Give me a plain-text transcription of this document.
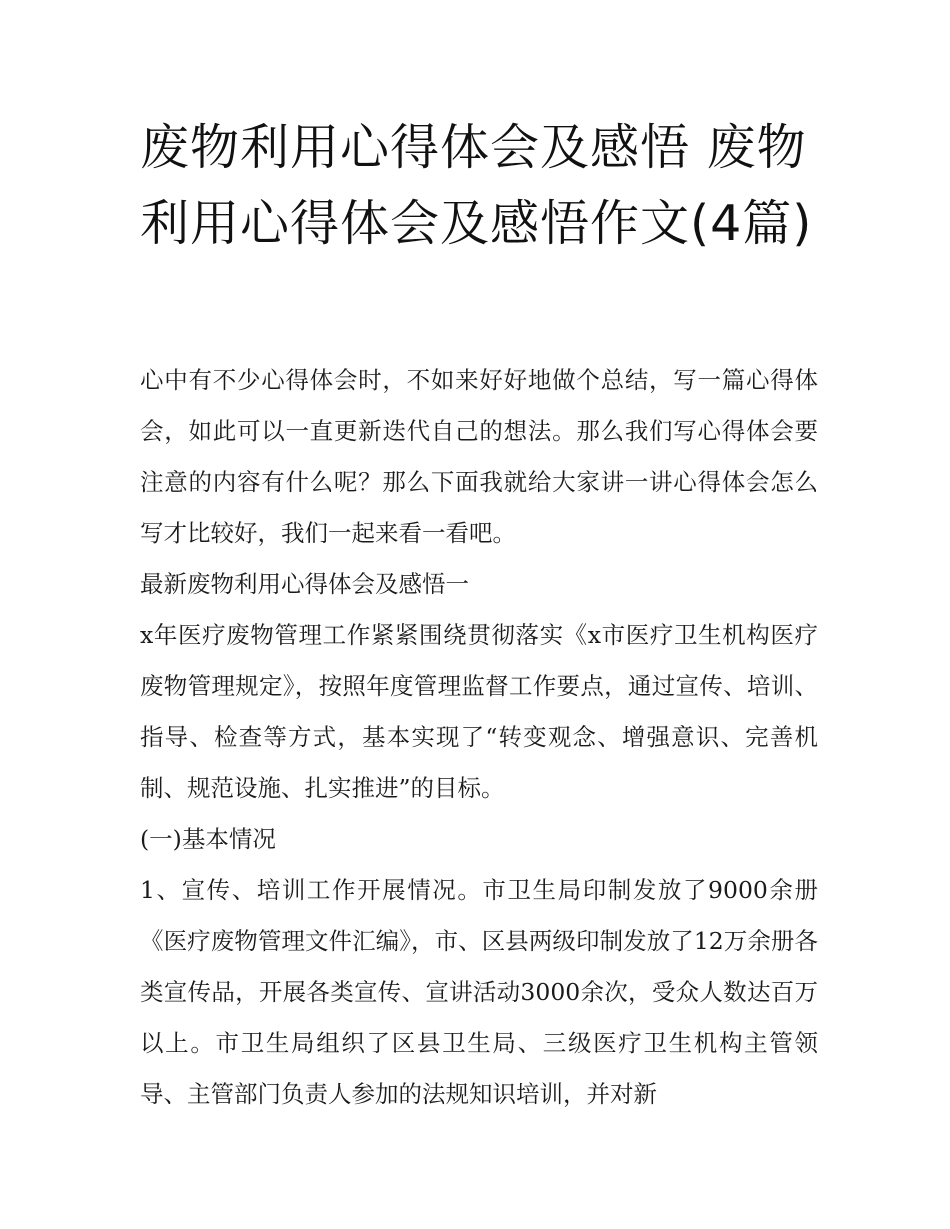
废物利用心得体会及感悟 废物利用心得体会及感悟作文(4篇)

心中有不少心得体会时，不如来好好地做个总结，写一篇心得体会，如此可以一直更新迭代自己的想法。那么我们写心得体会要注意的内容有什么呢？那么下面我就给大家讲一讲心得体会怎么写才比较好，我们一起来看一看吧。

最新废物利用心得体会及感悟一

x年医疗废物管理工作紧紧围绕贯彻落实《x市医疗卫生机构医疗废物管理规定》，按照年度管理监督工作要点，通过宣传、培训、指导、检查等方式，基本实现了“转变观念、增强意识、完善机制、规范设施、扎实推进”的目标。

(一)基本情况

1、宣传、培训工作开展情况。市卫生局印制发放了9000余册《医疗废物管理文件汇编》，市、区县两级印制发放了12万余册各类宣传品，开展各类宣传、宣讲活动3000余次，受众人数达百万以上。市卫生局组织了区县卫生局、三级医疗卫生机构主管领导、主管部门负责人参加的法规知识培训，并对新
